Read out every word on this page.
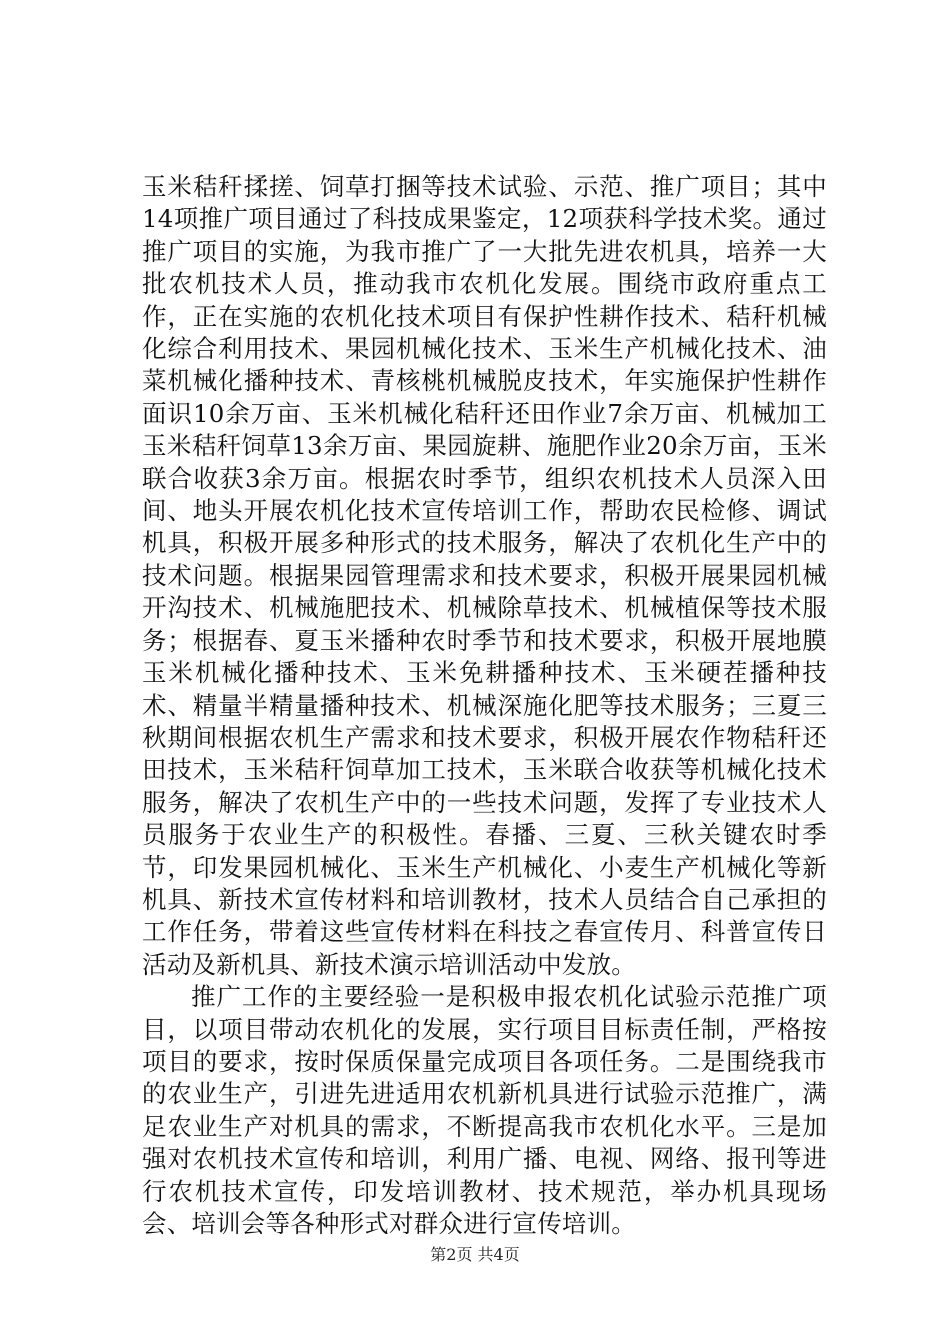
玉米秸秆揉搓、饲草打捆等技术试验、示范、推广项目；其中14项推广项目通过了科技成果鉴定，12项获科学技术奖。通过推广项目的实施，为我市推广了一大批先进农机具，培养一大批农机技术人员，推动我市农机化发展。围绕市政府重点工作，正在实施的农机化技术项目有保护性耕作技术、秸秆机械化综合利用技术、果园机械化技术、玉米生产机械化技术、油菜机械化播种技术、青核桃机械脱皮技术，年实施保护性耕作面识10余万亩、玉米机械化秸秆还田作业7余万亩、机械加工玉米秸秆饲草13余万亩、果园旋耕、施肥作业20余万亩，玉米联合收获3余万亩。根据农时季节，组织农机技术人员深入田间、地头开展农机化技术宣传培训工作，帮助农民检修、调试机具，积极开展多种形式的技术服务，解决了农机化生产中的技术问题。根据果园管理需求和技术要求，积极开展果园机械开沟技术、机械施肥技术、机械除草技术、机械植保等技术服务；根据春、夏玉米播种农时季节和技术要求，积极开展地膜玉米机械化播种技术、玉米免耕播种技术、玉米硬茬播种技术、精量半精量播种技术、机械深施化肥等技术服务；三夏三秋期间根据农机生产需求和技术要求，积极开展农作物秸秆还田技术，玉米秸秆饲草加工技术，玉米联合收获等机械化技术服务，解决了农机生产中的一些技术问题，发挥了专业技术人员服务于农业生产的积极性。春播、三夏、三秋关键农时季节，印发果园机械化、玉米生产机械化、小麦生产机械化等新机具、新技术宣传材料和培训教材，技术人员结合自己承担的工作任务，带着这些宣传材料在科技之春宣传月、科普宣传日活动及新机具、新技术演示培训活动中发放。

推广工作的主要经验一是积极申报农机化试验示范推广项目，以项目带动农机化的发展，实行项目目标责任制，严格按项目的要求，按时保质保量完成项目各项任务。二是围绕我市的农业生产，引进先进适用农机新机具进行试验示范推广，满足农业生产对机具的需求，不断提高我市农机化水平。三是加强对农机技术宣传和培训，利用广播、电视、网络、报刊等进行农机技术宣传，印发培训教材、技术规范，举办机具现场会、培训会等各种形式对群众进行宣传培训。

第2页 共4页
